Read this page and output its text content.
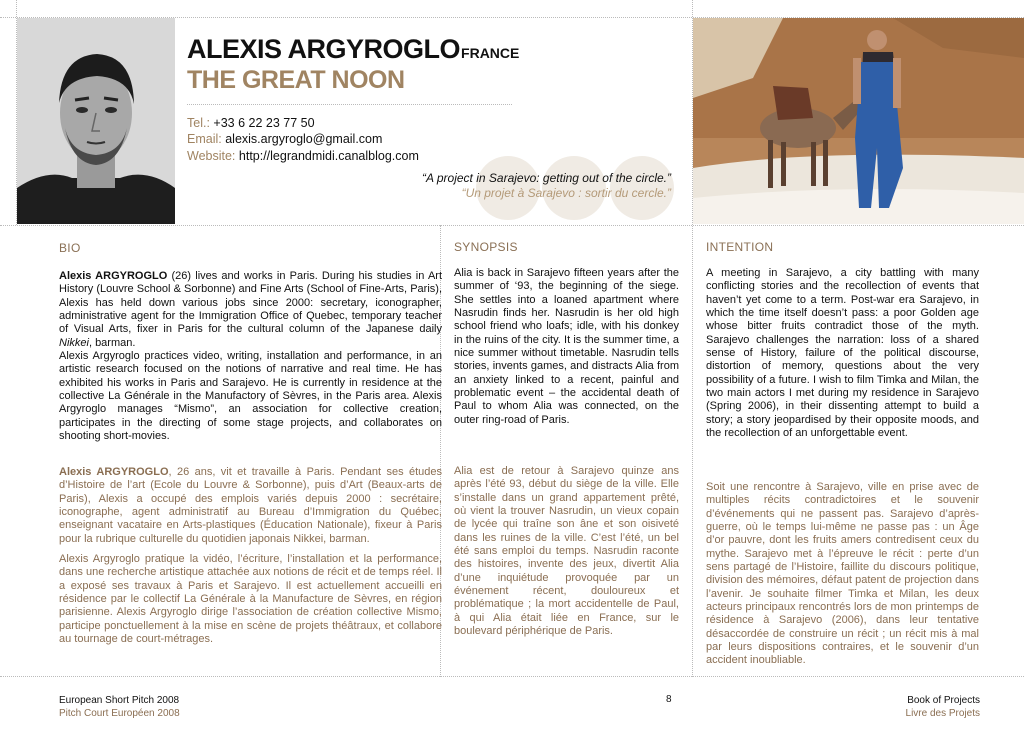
ALEXIS ARGYROGLOFRANCE
THE GREAT NOON
Tel.: +33 6 22 23 77 50
Email: alexis.argyroglo@gmail.com
Website: http://legrandmidi.canalblog.com
“A project in Sarajevo: getting out of the circle.”
“Un projet à Sarajevo : sortir du cercle.”
BIO

Alexis ARGYROGLO (26) lives and works in Paris. During his studies in Art History (Louvre School & Sorbonne) and Fine Arts (School of Fine-Arts, Paris), Alexis has held down various jobs since 2000: secretary, iconographer, administrative agent for the Immigration Office of Quebec, temporary teacher of Visual Arts, fixer in Paris for the cultural column of the Japanese daily Nikkei, barman.

Alexis Argyroglo practices video, writing, installation and performance, in an artistic research focused on the notions of narrative and real time. He has exhibited his works in Paris and Sarajevo. He is currently in residence at the collective La Générale in the Manufactory of Sèvres, in the Paris area. Alexis Argyroglo manages “Mismo”, an association for collective creation, participates in the directing of some stage projects, and collaborates on shooting short-movies.

Alexis ARGYROGLO, 26 ans, vit et travaille à Paris. Pendant ses études d’Histoire de l’art (Ecole du Louvre & Sorbonne), puis d’Art (Beaux-arts de Paris), Alexis a occupé des emplois variés depuis 2000 : secrétaire, iconographe, agent administratif au Bureau d’Immigration du Québec, enseignant vacataire en Arts-plastiques (Éducation Nationale), fixeur à Paris pour la rubrique culturelle du quotidien japonais Nikkei, barman.

Alexis Argyroglo pratique la vidéo, l’écriture, l’installation et la performance, dans une recherche artistique attachée aux notions de récit et de temps réel. Il a exposé ses travaux à Paris et Sarajevo. Il est actuellement accueilli en résidence par le collectif La Générale à la Manufacture de Sèvres, en région parisienne. Alexis Argyroglo dirige l’association de création collective Mismo, participe ponctuellement à la mise en scène de projets théâtraux, et collabore au tournage de court-métrages.

SYNOPSIS

Alia is back in Sarajevo fifteen years after the summer of ‘93, the beginning of the siege. She settles into a loaned apartment where Nasrudin finds her. Nasrudin is her old high school friend who loafs; idle, with his donkey in the ruins of the city. It is the summer time, a nice summer without timetable. Nasrudin tells stories, invents games, and distracts Alia from an anxiety linked to a recent, painful and problematic event – the accidental death of Paul to whom Alia was connected, on the outer ring-road of Paris.

Alia est de retour à Sarajevo quinze ans après l’été 93, début du siège de la ville. Elle s’installe dans un grand appartement prêté, où vient la trouver Nasrudin, un vieux copain de lycée qui traîne son âne et son oisiveté dans les ruines de la ville. C’est l’été, un bel été sans emploi du temps. Nasrudin raconte des histoires, invente des jeux, divertit Alia d’une inquiétude provoquée par un événement récent, douloureux et problématique ; la mort accidentelle de Paul, à qui Alia était liée en France, sur le boulevard périphérique de Paris.

INTENTION

A meeting in Sarajevo, a city battling with many conflicting stories and the recollection of events that haven’t yet come to a term. Post-war era Sarajevo, in which the time itself doesn’t pass: a poor Golden age whose bitter fruits contradict those of the myth. Sarajevo challenges the narration: loss of a shared sense of History, failure of the political discourse, distortion of memory, questions about the very possibility of a future. I wish to film Timka and Milan, the two main actors I met during my residence in Sarajevo (Spring 2006), in their dissenting attempt to build a story; a story jeopardised by their opposite moods, and the recollection of an unforgettable event.

Soit une rencontre à Sarajevo, ville en prise avec de multiples récits contradictoires et le souvenir d’événements qui ne passent pas. Sarajevo d’après-guerre, où le temps lui-même ne passe pas : un Âge d’or pauvre, dont les fruits amers contredisent ceux du mythe. Sarajevo met à l’épreuve le récit : perte d’un sens partagé de l’Histoire, faillite du discours politique, division des mémoires, défaut patent de projection dans l’avenir. Je souhaite filmer Timka et Milan, les deux acteurs principaux rencontrés lors de mon printemps de résidence à Sarajevo (2006), dans leur tentative désaccordée de construire un récit ; un récit mis à mal par leurs dispositions contraires, et le souvenir d’un accident inoubliable.

European Short Pitch 2008
Pitch Court Européen 2008
8	Book of Projects
Livre des Projets
